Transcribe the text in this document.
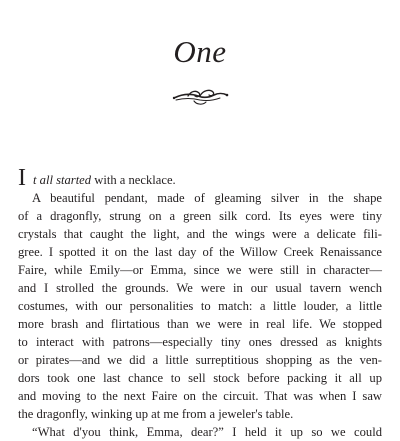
One

I t all started with a necklace.

A beautiful pendant, made of gleaming silver in the shape

of a dragonfly, strung on a green silk cord. Its eyes were tiny

crystals that caught the light, and the wings were a delicate fili-

gree. I spotted it on the last day of the Willow Creek Renaissance

Faire, while Emily—or Emma, since we were still in character—

and I strolled the grounds. We were in our usual tavern wench

costumes, with our personalities to match: a little louder, a little

more brash and flirtatious than we were in real life. We stopped

to interact with patrons—especially tiny ones dressed as knights

or pirates—and we did a little surreptitious shopping as the ven-

dors took one last chance to sell stock before packing it all up

and moving to the next Faire on the circuit. That was when I saw

the dragonfly, winking up at me from a jeweler's table.

“What d'you think, Emma, dear?” I held it up so we could
